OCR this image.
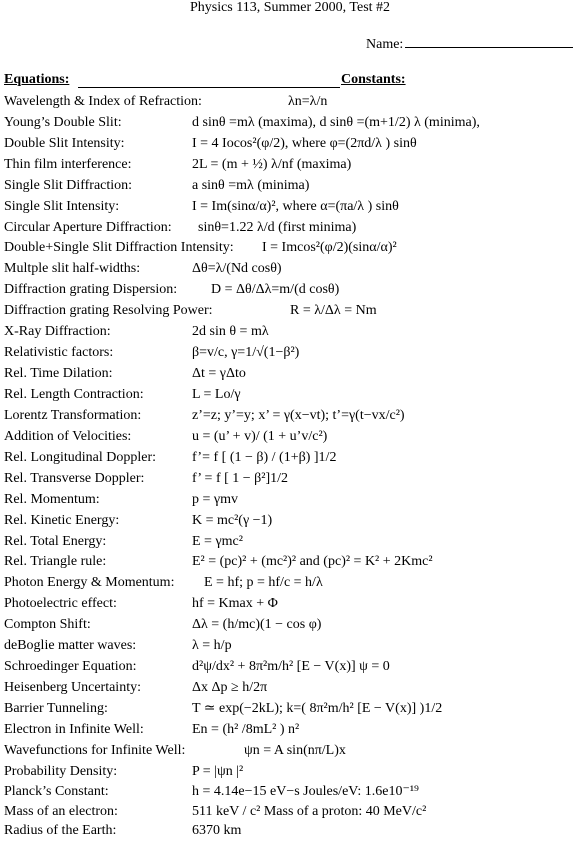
Physics 113, Summer 2000, Test #2
Name:
Equations:	Constants:
Wavelength & Index of Refraction:	λn=λ/n
Young’s Double Slit:	d sinθ =mλ (maxima), d sinθ =(m+1/2) λ (minima),
Double Slit Intensity:	I = 4 Iocos²(φ/2), where φ=(2πd/λ ) sinθ
Thin film interference:	2L = (m + ½) λ/nf (maxima)
Single Slit Diffraction:	a sinθ =mλ (minima)
Single Slit Intensity:	I = Im(sinα/α)², where α=(πa/λ ) sinθ
Circular Aperture Diffraction: sinθ=1.22 λ/d (first minima)
Double+Single Slit Diffraction Intensity: I = Imcos²(φ/2)(sinα/α)²
Multple slit half-widths:	Δθ=λ/(Nd cosθ)
Diffraction grating Dispersion: D = Δθ/Δλ=m/(d cosθ)
Diffraction grating Resolving Power:	R = λ/Δλ = Nm
X-Ray Diffraction:	2d sin θ = mλ
Relativistic factors:	β=v/c, γ=1/√(1−β²)
Rel. Time Dilation:	Δt = γΔto
Rel. Length Contraction:	L = Lo/γ
Lorentz Transformation:	z’=z; y’=y; x’ = γ(x−vt); t’=γ(t−vx/c²)
Addition of Velocities:	u = (u’ + v)/ (1 + u’v/c²)
Rel. Longitudinal Doppler:	f’= f [ (1 − β) / (1+β) ]1/2
Rel. Transverse Doppler:	f’ = f [ 1 − β²]1/2
Rel. Momentum:	p = γmv
Rel. Kinetic Energy:	K = mc²(γ −1)
Rel. Total Energy:	E = γmc²
Rel. Triangle rule:	E² = (pc)² + (mc²)² and (pc)² = K² + 2Kmc²
Photon Energy & Momentum: E = hf; p = hf/c = h/λ
Photoelectric effect:	hf = Kmax + Φ
Compton Shift:	Δλ = (h/mc)(1 − cos φ)
deBoglie matter waves:	λ = h/p
Schroedinger Equation:	d²ψ/dx² + 8π²m/h² [E − V(x)] ψ = 0
Heisenberg Uncertainty:	Δx Δp ≥ h/2π
Barrier Tunneling:	T ≃ exp(−2kL); k=( 8π²m/h² [E − V(x)] )1/2
Electron in Infinite Well:	En = (h² /8mL² ) n²
Wavefunctions for Infinite Well:	ψn = A sin(nπ/L)x
Probability Density:	P = |ψn |²
Planck’s Constant:	h = 4.14e−15 eV−s Joules/eV: 1.6e10⁻¹⁹
Mass of an electron:	511 keV / c² Mass of a proton: 40 MeV/c²
Radius of the Earth:	6370 km
